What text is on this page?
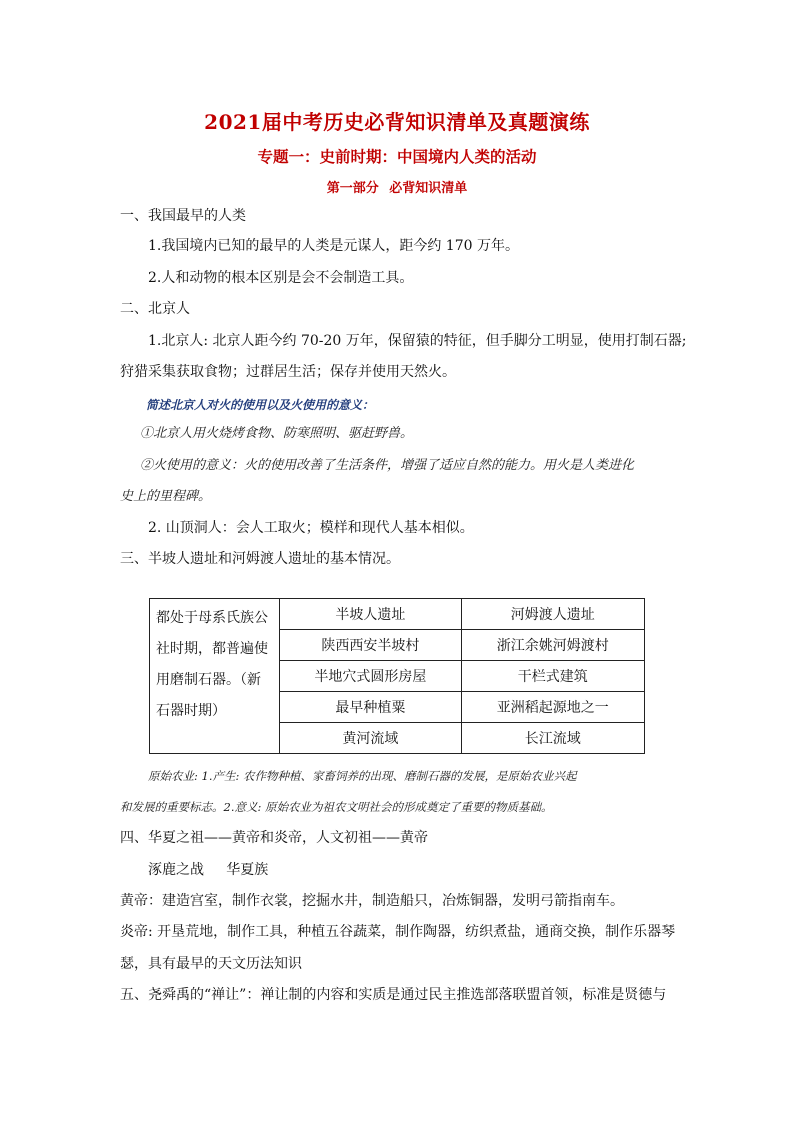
2021届中考历史必背知识清单及真题演练
专题一：史前时期：中国境内人类的活动
第一部分 必背知识清单
一、我国最早的人类
1.我国境内已知的最早的人类是元谋人，距今约 170 万年。
2.人和动物的根本区别是会不会制造工具。
二、北京人
1.北京人: 北京人距今约 70-20 万年，保留猿的特征，但手脚分工明显，使用打制石器;
狩猎采集获取食物；过群居生活；保存并使用天然火。
简述北京人对火的使用以及火使用的意义：
①北京人用火烧烤食物、防寒照明、驱赶野兽。
②火使用的意义：火的使用改善了生活条件，增强了适应自然的能力。用火是人类进化
史上的里程碑。
2. 山顶洞人：会人工取火；模样和现代人基本相似。
三、半坡人遗址和河姆渡人遗址的基本情况。
都处于母系氏族公社时期，都普遍使用磨制石器。（新石器时期）	半坡人遗址	河姆渡人遗址
	陕西西安半坡村	浙江余姚河姆渡村
	半地穴式圆形房屋	干栏式建筑
	最早种植粟	亚洲稻起源地之一
	黄河流域	长江流域
原始农业: 1.产生: 农作物种植、家畜饲养的出现、磨制石器的发展，是原始农业兴起
和发展的重要标志。2.意义: 原始农业为祖农文明社会的形成奠定了重要的物质基础。
四、华夏之祖——黄帝和炎帝，人文初祖——黄帝
涿鹿之战     华夏族
黄帝：建造宫室，制作衣裳，挖掘水井，制造船只，冶炼铜器，发明弓箭指南车。
炎帝: 开垦荒地，制作工具，种植五谷蔬菜，制作陶器，纺织煮盐，通商交换，制作乐器琴
瑟，具有最早的天文历法知识
五、尧舜禹的“禅让”：禅让制的内容和实质是通过民主推选部落联盟首领，标准是贤德与
